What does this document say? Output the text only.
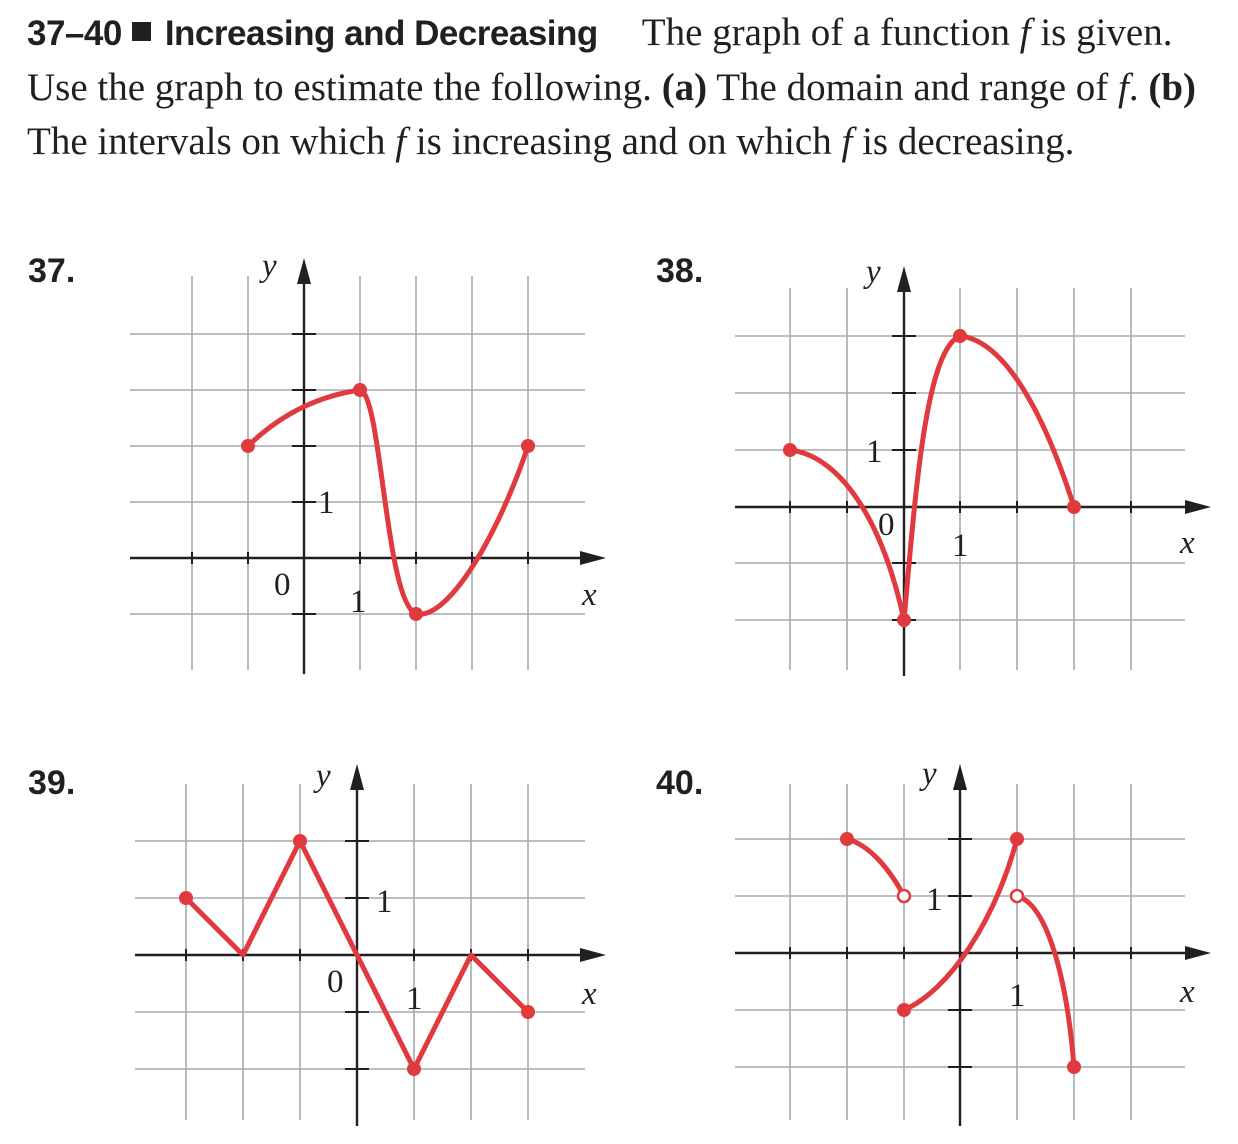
37–40 Increasing and Decreasing The graph of a function f is given. Use the graph to estimate the following. (a) The domain and range of f. (b) The intervals on which f is increasing and on which f is decreasing.
37.	y
x
0 1
1
38.	y
x
0
1
1
39.	y
x
0 1
1
40.	y
x
1
1
